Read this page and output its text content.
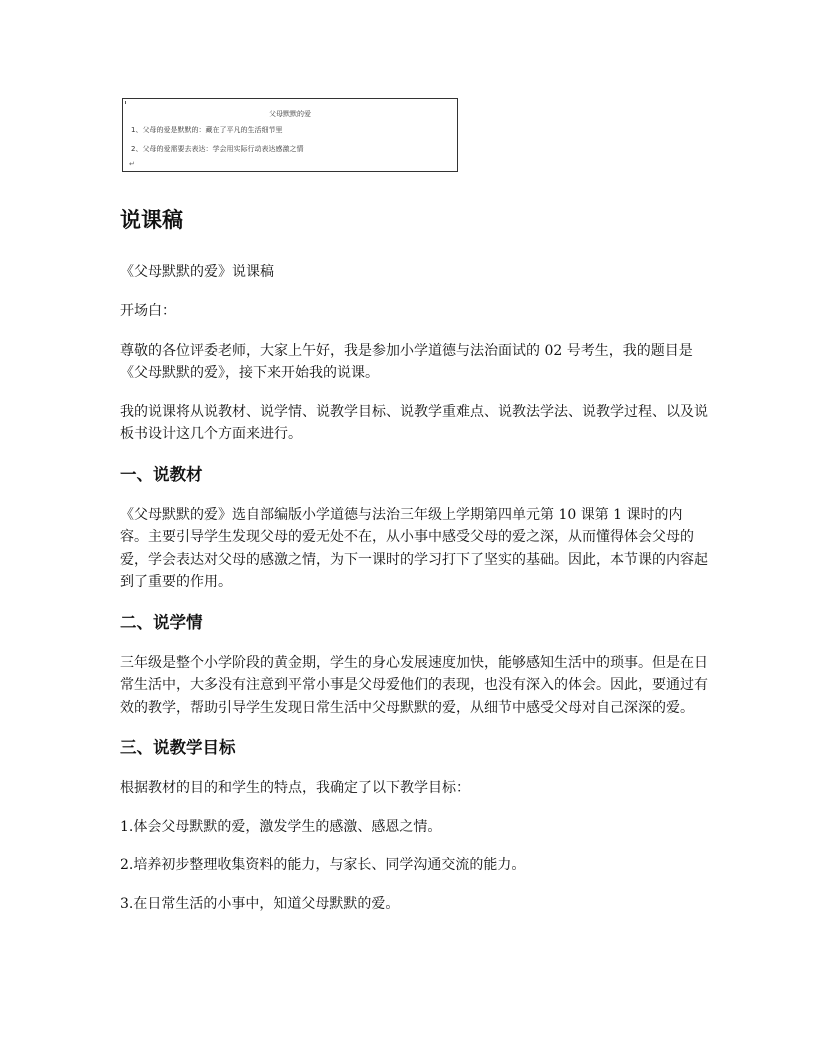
父母默默的爱
1、父母的爱是默默的：藏在了平凡的生活细节里
2、父母的爱需要去表达：学会用实际行动表达感激之情
↵
说课稿

《父母默默的爱》说课稿

开场白：

尊敬的各位评委老师，大家上午好，我是参加小学道德与法治面试的 02 号考生，我的题目是《父母默默的爱》，接下来开始我的说课。

我的说课将从说教材、说学情、说教学目标、说教学重难点、说教法学法、说教学过程、以及说板书设计这几个方面来进行。

一、说教材

《父母默默的爱》选自部编版小学道德与法治三年级上学期第四单元第 10 课第 1 课时的内容。主要引导学生发现父母的爱无处不在，从小事中感受父母的爱之深，从而懂得体会父母的爱，学会表达对父母的感激之情，为下一课时的学习打下了坚实的基础。因此，本节课的内容起到了重要的作用。

二、说学情

三年级是整个小学阶段的黄金期，学生的身心发展速度加快，能够感知生活中的琐事。但是在日常生活中，大多没有注意到平常小事是父母爱他们的表现，也没有深入的体会。因此，要通过有效的教学，帮助引导学生发现日常生活中父母默默的爱，从细节中感受父母对自己深深的爱。

三、说教学目标

根据教材的目的和学生的特点，我确定了以下教学目标：

1.体会父母默默的爱，激发学生的感激、感恩之情。

2.培养初步整理收集资料的能力，与家长、同学沟通交流的能力。

3.在日常生活的小事中，知道父母默默的爱。
